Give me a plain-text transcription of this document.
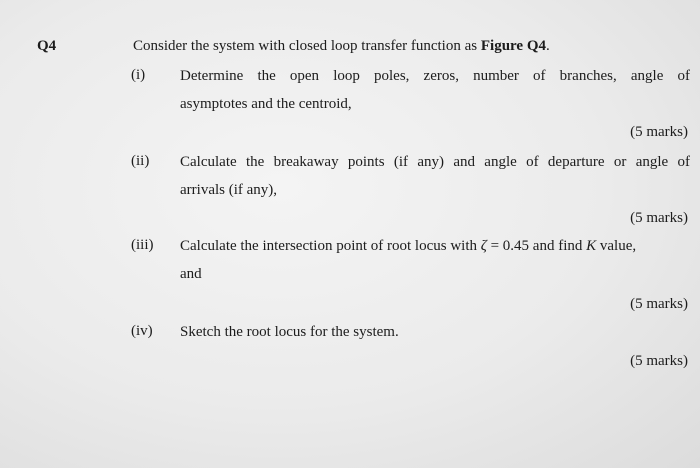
Q4	Consider the system with closed loop transfer function as Figure Q4.
(i) Determine the open loop poles, zeros, number of branches, angle of
asymptotes and the centroid,
(5 marks)
(ii) Calculate the breakaway points (if any) and angle of departure or angle of
arrivals (if any),
(5 marks)
(iii) Calculate the intersection point of root locus with ζ = 0.45 and find K value,
and
(5 marks)
(iv) Sketch the root locus for the system.
(5 marks)
